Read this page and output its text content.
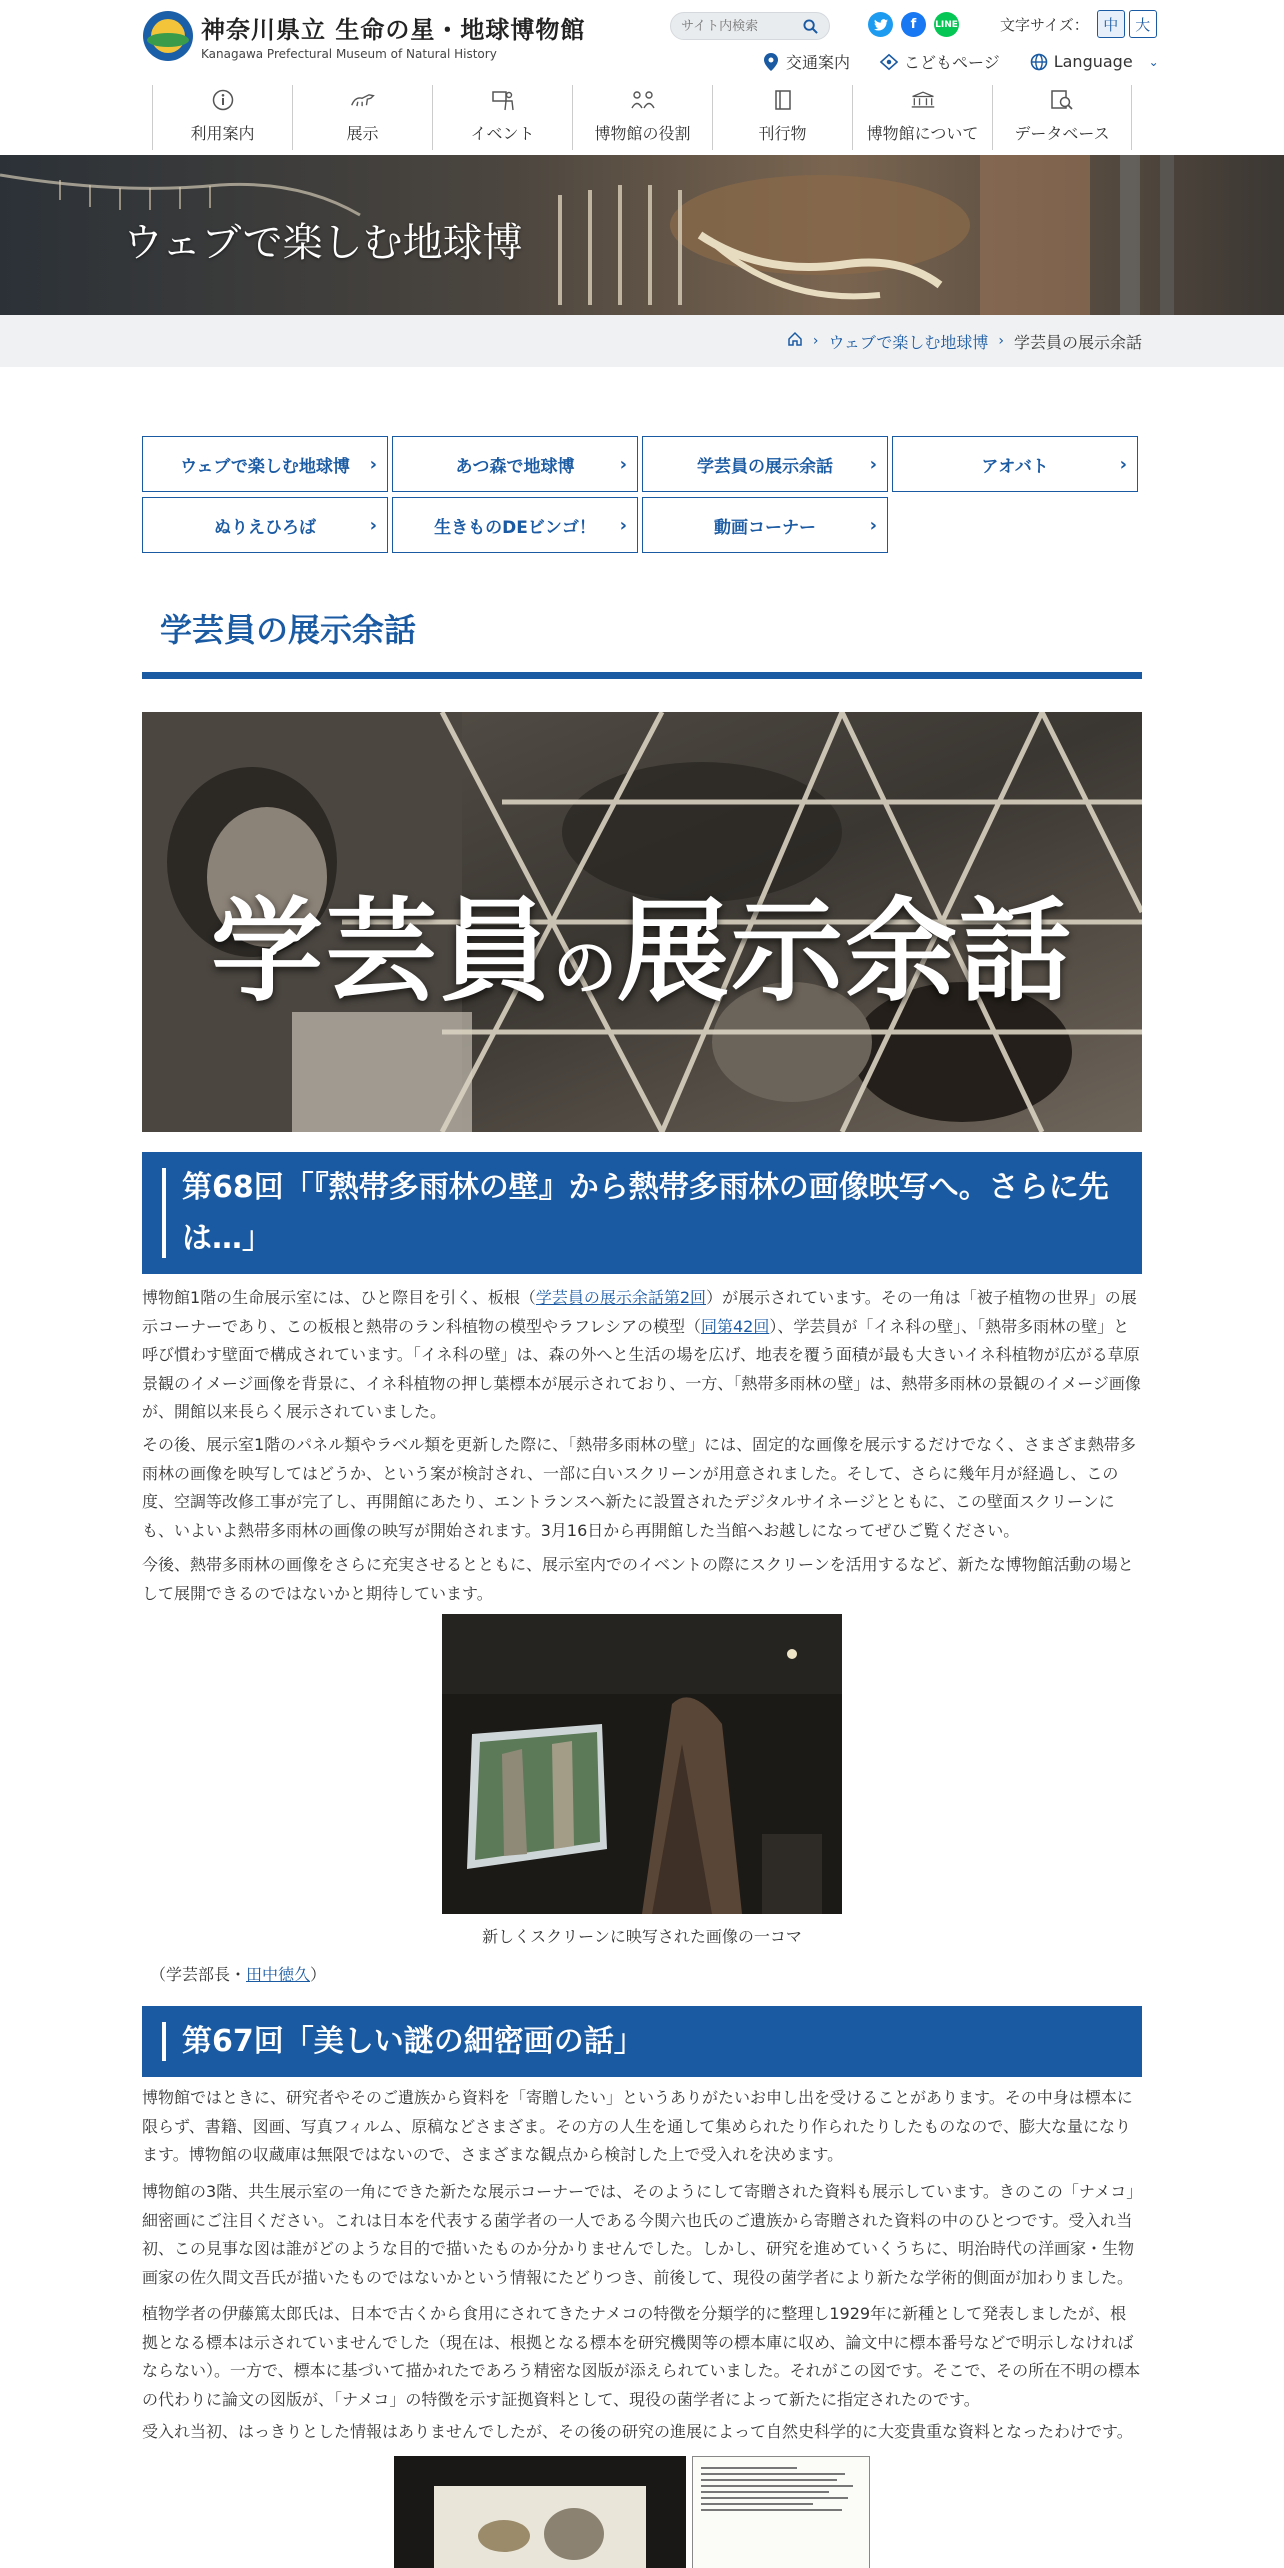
神奈川県立 生命の星・地球博物館
Kanagawa Prefectural Museum of Natural History
サイト内検索
f	LINE	文字サイズ： 中	大
交通案内	こどもページ	Language ⌄
利用案内	展示	イベント	博物館の役割	刊行物	博物館について データベース
ウェブで楽しむ地球博
› ウェブで楽しむ地球博 › 学芸員の展示余話
ウェブで楽しむ地球博 ›	あつ森で地球博	›	学芸員の展示余話 ›	アオバト	›
ぬりえひろば	›	生きものDEビンゴ！ ›	動画コーナー	›
学芸員の展示余話
学芸員の展示余話
第68回「『熱帯多雨林の壁』から熱帯多雨林の画像映写へ。さらに先は…」

博物館1階の生命展示室には、ひと際目を引く、板根（学芸員の展示余話第2回）が展示されています。その一角は「被子植物の世界」の展示コーナーであり、この板根と熱帯のラン科植物の模型やラフレシアの模型（同第42回）、学芸員が「イネ科の壁」、「熱帯多雨林の壁」と呼び慣わす壁面で構成されています。「イネ科の壁」は、森の外へと生活の場を広げ、地表を覆う面積が最も大きいイネ科植物が広がる草原景観のイメージ画像を背景に、イネ科植物の押し葉標本が展示されており、一方、「熱帯多雨林の壁」は、熱帯多雨林の景観のイメージ画像が、開館以来長らく展示されていました。

その後、展示室1階のパネル類やラベル類を更新した際に、「熱帯多雨林の壁」には、固定的な画像を展示するだけでなく、さまざま熱帯多雨林の画像を映写してはどうか、という案が検討され、一部に白いスクリーンが用意されました。そして、さらに幾年月が経過し、この度、空調等改修工事が完了し、再開館にあたり、エントランスへ新たに設置されたデジタルサイネージとともに、この壁面スクリーンにも、いよいよ熱帯多雨林の画像の映写が開始されます。3月16日から再開館した当館へお越しになってぜひご覧ください。

今後、熱帯多雨林の画像をさらに充実させるとともに、展示室内でのイベントの際にスクリーンを活用するなど、新たな博物館活動の場として展開できるのではないかと期待しています。

新しくスクリーンに映写された画像の一コマ

（学芸部長・田中徳久）

第67回「美しい謎の細密画の話」

博物館ではときに、研究者やそのご遺族から資料を「寄贈したい」というありがたいお申し出を受けることがあります。その中身は標本に限らず、書籍、図画、写真フィルム、原稿などさまざま。その方の人生を通して集められたり作られたりしたものなので、膨大な量になります。博物館の収蔵庫は無限ではないので、さまざまな観点から検討した上で受入れを決めます。

博物館の3階、共生展示室の一角にできた新たな展示コーナーでは、そのようにして寄贈された資料も展示しています。きのこの「ナメコ」細密画にご注目ください。これは日本を代表する菌学者の一人である今関六也氏のご遺族から寄贈された資料の中のひとつです。受入れ当初、この見事な図は誰がどのような目的で描いたものか分かりませんでした。しかし、研究を進めていくうちに、明治時代の洋画家・生物画家の佐久間文吾氏が描いたものではないかという情報にたどりつき、前後して、現役の菌学者により新たな学術的側面が加わりました。

植物学者の伊藤篤太郎氏は、日本で古くから食用にされてきたナメコの特徴を分類学的に整理し1929年に新種として発表しましたが、根拠となる標本は示されていませんでした（現在は、根拠となる標本を研究機関等の標本庫に収め、論文中に標本番号などで明示しなければならない）。一方で、標本に基づいて描かれたであろう精密な図版が添えられていました。それがこの図です。そこで、その所在不明の標本の代わりに論文の図版が、「ナメコ」の特徴を示す証拠資料として、現役の菌学者によって新たに指定されたのです。

受入れ当初、はっきりとした情報はありませんでしたが、その後の研究の進展によって自然史科学的に大変貴重な資料となったわけです。
